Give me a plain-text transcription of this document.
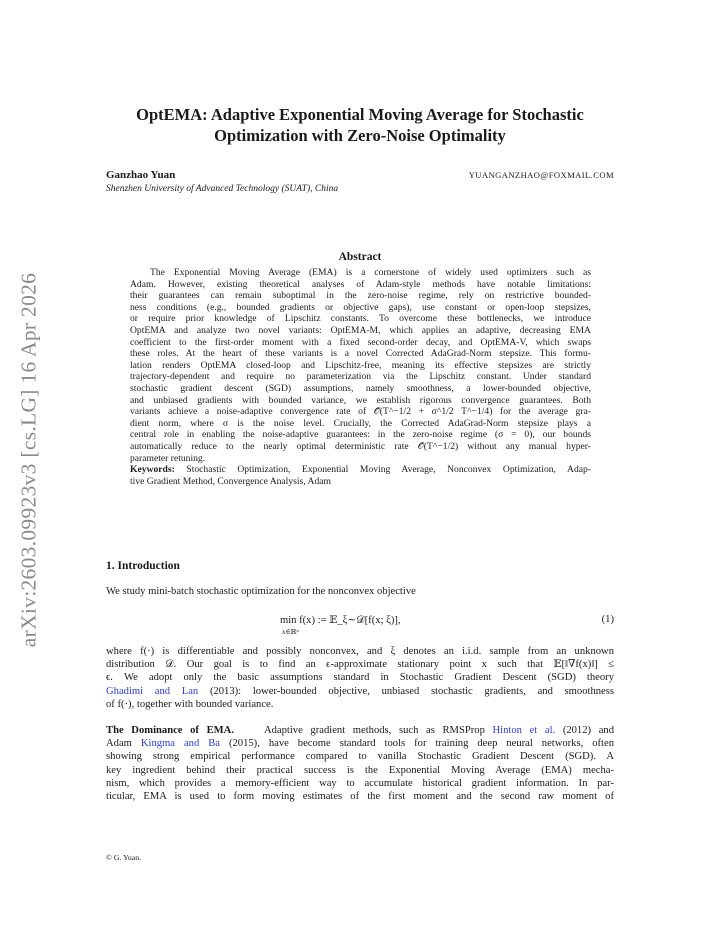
arXiv:2603.09923v3 [cs.LG] 16 Apr 2026
OptEMA: Adaptive Exponential Moving Average for Stochastic
Optimization with Zero-Noise Optimality
Ganzhao Yuan	YUANGANZHAO@FOXMAIL.COM
Shenzhen University of Advanced Technology (SUAT), China
Abstract
The Exponential Moving Average (EMA) is a cornerstone of widely used optimizers such as
Adam. However, existing theoretical analyses of Adam-style methods have notable limitations:
their guarantees can remain suboptimal in the zero-noise regime, rely on restrictive bounded-
ness conditions (e.g., bounded gradients or objective gaps), use constant or open-loop stepsizes,
or require prior knowledge of Lipschitz constants. To overcome these bottlenecks, we introduce
OptEMA and analyze two novel variants: OptEMA-M, which applies an adaptive, decreasing EMA
coefficient to the first-order moment with a fixed second-order decay, and OptEMA-V, which swaps
these roles. At the heart of these variants is a novel Corrected AdaGrad-Norm stepsize. This formu-
lation renders OptEMA closed-loop and Lipschitz-free, meaning its effective stepsizes are strictly
trajectory-dependent and require no parameterization via the Lipschitz constant. Under standard
stochastic gradient descent (SGD) assumptions, namely smoothness, a lower-bounded objective,
and unbiased gradients with bounded variance, we establish rigorous convergence guarantees. Both
variants achieve a noise-adaptive convergence rate of 𝒪̃(T^−1/2 + σ^1/2 T^−1/4) for the average gra-
dient norm, where σ is the noise level. Crucially, the Corrected AdaGrad-Norm stepsize plays a
central role in enabling the noise-adaptive guarantees: in the zero-noise regime (σ = 0), our bounds
automatically reduce to the nearly optimal deterministic rate 𝒪̃(T^−1/2) without any manual hyper-
parameter retuning.
Keywords: Stochastic Optimization, Exponential Moving Average, Nonconvex Optimization, Adap-
tive Gradient Method, Convergence Analysis, Adam
1. Introduction
We study mini-batch stochastic optimization for the nonconvex objective
min f(x) := 𝔼_ξ∼𝒟[f(x; ξ)],
x∈ℝⁿ
(1)
where f(·) is differentiable and possibly nonconvex, and ξ denotes an i.i.d. sample from an unknown
distribution 𝒟. Our goal is to find an ϵ-approximate stationary point x such that 𝔼[‖∇f(x)‖] ≤
ϵ. We adopt only the basic assumptions standard in Stochastic Gradient Descent (SGD) theory
Ghadimi and Lan (2013): lower-bounded objective, unbiased stochastic gradients, and smoothness
of f(·), together with bounded variance.
The Dominance of EMA.	Adaptive gradient methods, such as RMSProp Hinton et al. (2012) and
Adam Kingma and Ba (2015), have become standard tools for training deep neural networks, often
showing strong empirical performance compared to vanilla Stochastic Gradient Descent (SGD). A
key ingredient behind their practical success is the Exponential Moving Average (EMA) mecha-
nism, which provides a memory-efficient way to accumulate historical gradient information. In par-
ticular, EMA is used to form moving estimates of the first moment and the second raw moment of
© G. Yuan.
